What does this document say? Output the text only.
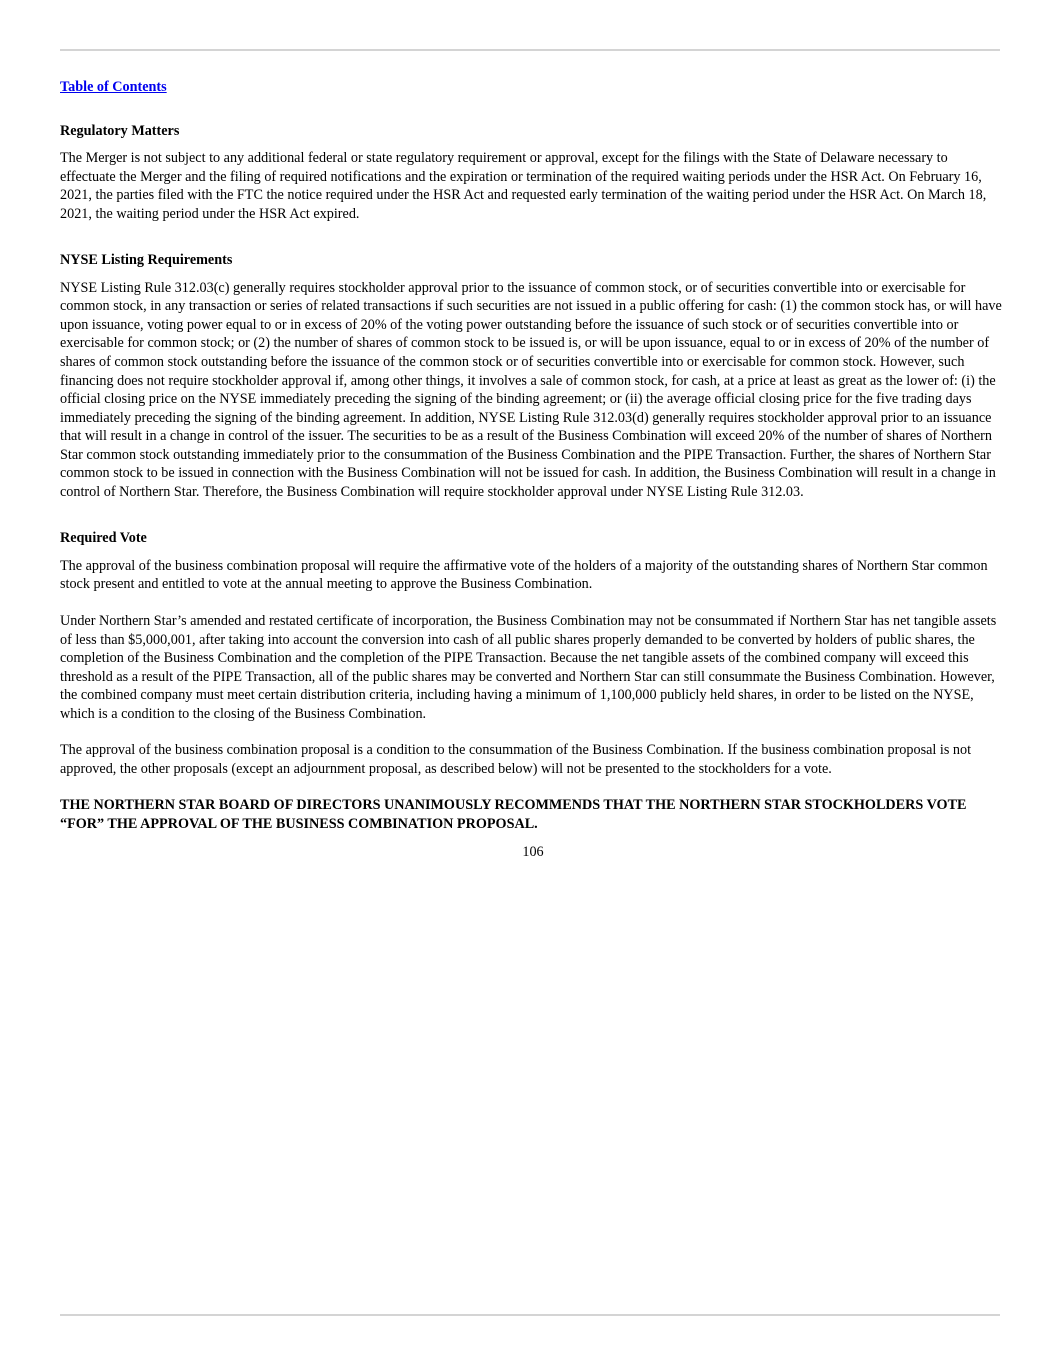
Table of Contents
Regulatory Matters

The Merger is not subject to any additional federal or state regulatory requirement or approval, except for the filings with the State of Delaware necessary to effectuate the Merger and the filing of required notifications and the expiration or termination of the required waiting periods under the HSR Act. On February 16, 2021, the parties filed with the FTC the notice required under the HSR Act and requested early termination of the waiting period under the HSR Act. On March 18, 2021, the waiting period under the HSR Act expired.

NYSE Listing Requirements

NYSE Listing Rule 312.03(c) generally requires stockholder approval prior to the issuance of common stock, or of securities convertible into or exercisable for common stock, in any transaction or series of related transactions if such securities are not issued in a public offering for cash: (1) the common stock has, or will have upon issuance, voting power equal to or in excess of 20% of the voting power outstanding before the issuance of such stock or of securities convertible into or exercisable for common stock; or (2) the number of shares of common stock to be issued is, or will be upon issuance, equal to or in excess of 20% of the number of shares of common stock outstanding before the issuance of the common stock or of securities convertible into or exercisable for common stock. However, such financing does not require stockholder approval if, among other things, it involves a sale of common stock, for cash, at a price at least as great as the lower of: (i) the official closing price on the NYSE immediately preceding the signing of the binding agreement; or (ii) the average official closing price for the five trading days immediately preceding the signing of the binding agreement. In addition, NYSE Listing Rule 312.03(d) generally requires stockholder approval prior to an issuance that will result in a change in control of the issuer. The securities to be as a result of the Business Combination will exceed 20% of the number of shares of Northern Star common stock outstanding immediately prior to the consummation of the Business Combination and the PIPE Transaction. Further, the shares of Northern Star common stock to be issued in connection with the Business Combination will not be issued for cash. In addition, the Business Combination will result in a change in control of Northern Star. Therefore, the Business Combination will require stockholder approval under NYSE Listing Rule 312.03.

Required Vote

The approval of the business combination proposal will require the affirmative vote of the holders of a majority of the outstanding shares of Northern Star common stock present and entitled to vote at the annual meeting to approve the Business Combination.

Under Northern Star’s amended and restated certificate of incorporation, the Business Combination may not be consummated if Northern Star has net tangible assets of less than $5,000,001, after taking into account the conversion into cash of all public shares properly demanded to be converted by holders of public shares, the completion of the Business Combination and the completion of the PIPE Transaction. Because the net tangible assets of the combined company will exceed this threshold as a result of the PIPE Transaction, all of the public shares may be converted and Northern Star can still consummate the Business Combination. However, the combined company must meet certain distribution criteria, including having a minimum of 1,100,000 publicly held shares, in order to be listed on the NYSE, which is a condition to the closing of the Business Combination.

The approval of the business combination proposal is a condition to the consummation of the Business Combination. If the business combination proposal is not approved, the other proposals (except an adjournment proposal, as described below) will not be presented to the stockholders for a vote.

THE NORTHERN STAR BOARD OF DIRECTORS UNANIMOUSLY RECOMMENDS THAT THE NORTHERN STAR STOCKHOLDERS VOTE “FOR” THE APPROVAL OF THE BUSINESS COMBINATION PROPOSAL.

106
